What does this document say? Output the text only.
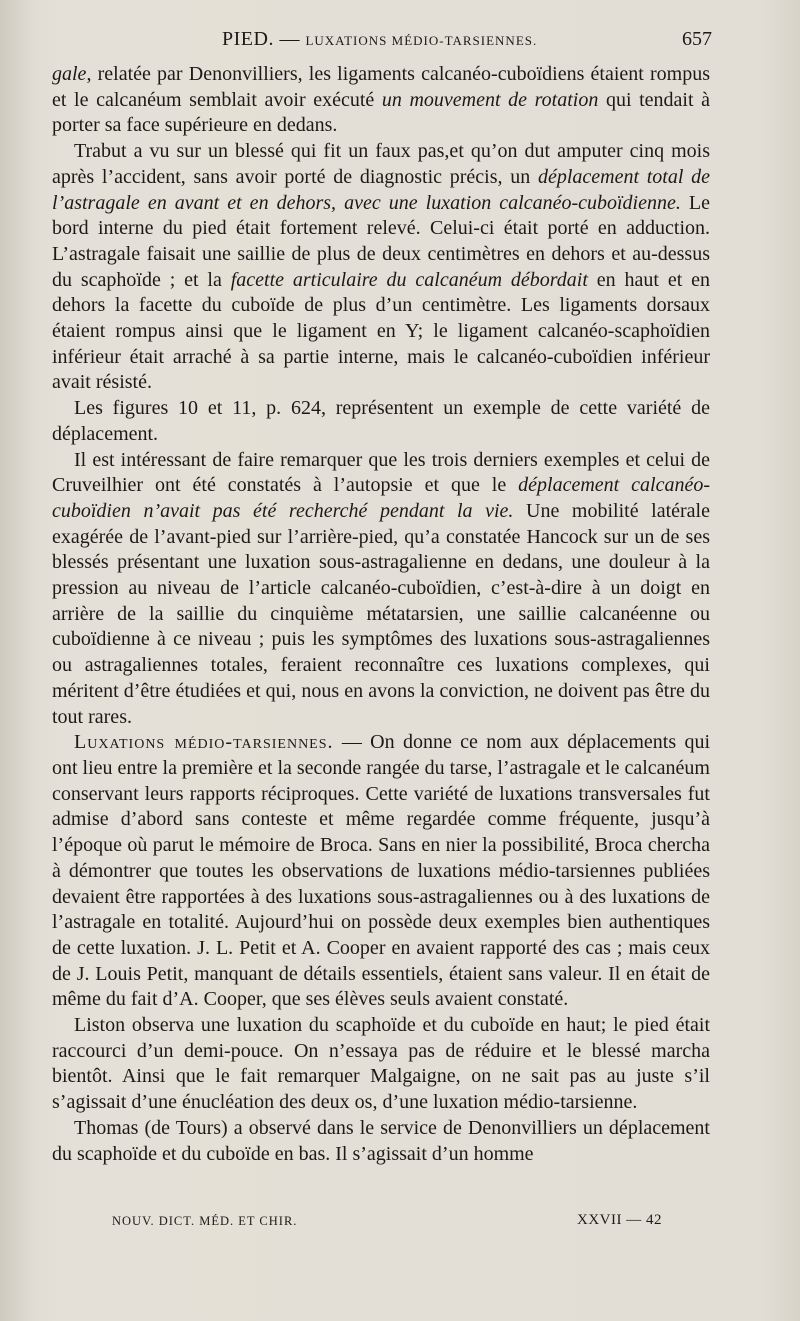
PIED. — LUXATIONS MÉDIO-TARSIENNES.	657

gale, relatée par Denonvilliers, les ligaments calcanéo-cuboïdiens étaient rompus et le calcanéum semblait avoir exécuté un mouvement de rotation qui tendait à porter sa face supérieure en dedans.

Trabut a vu sur un blessé qui fit un faux pas,et qu’on dut amputer cinq mois après l’accident, sans avoir porté de diagnostic précis, un déplacement total de l’astragale en avant et en dehors, avec une luxation calcanéo-cuboïdienne. Le bord interne du pied était fortement relevé. Celui-ci était porté en adduction. L’astragale faisait une saillie de plus de deux centimètres en dehors et au-dessus du scaphoïde ; et la facette articulaire du calcanéum débordait en haut et en dehors la facette du cuboïde de plus d’un centimètre. Les ligaments dorsaux étaient rompus ainsi que le ligament en Y; le ligament calcanéo-scaphoïdien inférieur était arraché à sa partie interne, mais le calcanéo-cuboïdien inférieur avait résisté.

Les figures 10 et 11, p. 624, représentent un exemple de cette variété de déplacement.

Il est intéressant de faire remarquer que les trois derniers exemples et celui de Cruveilhier ont été constatés à l’autopsie et que le déplacement calcanéo-cuboïdien n’avait pas été recherché pendant la vie. Une mobilité latérale exagérée de l’avant-pied sur l’arrière-pied, qu’a constatée Hancock sur un de ses blessés présentant une luxation sous-astragalienne en dedans, une douleur à la pression au niveau de l’article calcanéo-cuboïdien, c’est-à-dire à un doigt en arrière de la saillie du cinquième métatarsien, une saillie calcanéenne ou cuboïdienne à ce niveau ; puis les symptômes des luxations sous-astragaliennes ou astragaliennes totales, feraient reconnaître ces luxations complexes, qui méritent d’être étudiées et qui, nous en avons la conviction, ne doivent pas être du tout rares.

Luxations médio-tarsiennes. — On donne ce nom aux déplacements qui ont lieu entre la première et la seconde rangée du tarse, l’astragale et le calcanéum conservant leurs rapports réciproques. Cette variété de luxations transversales fut admise d’abord sans conteste et même regardée comme fréquente, jusqu’à l’époque où parut le mémoire de Broca. Sans en nier la possibilité, Broca chercha à démontrer que toutes les observations de luxations médio-tarsiennes publiées devaient être rapportées à des luxations sous-astragaliennes ou à des luxations de l’astragale en totalité. Aujourd’hui on possède deux exemples bien authentiques de cette luxation. J. L. Petit et A. Cooper en avaient rapporté des cas ; mais ceux de J. Louis Petit, manquant de détails essentiels, étaient sans valeur. Il en était de même du fait d’A. Cooper, que ses élèves seuls avaient constaté.

Liston observa une luxation du scaphoïde et du cuboïde en haut; le pied était raccourci d’un demi-pouce. On n’essaya pas de réduire et le blessé marcha bientôt. Ainsi que le fait remarquer Malgaigne, on ne sait pas au juste s’il s’agissait d’une énucléation des deux os, d’une luxation médio-tarsienne.

Thomas (de Tours) a observé dans le service de Denonvilliers un déplacement du scaphoïde et du cuboïde en bas. Il s’agissait d’un homme

NOUV. DICT. MÉD. ET CHIR.	XXVII — 42
